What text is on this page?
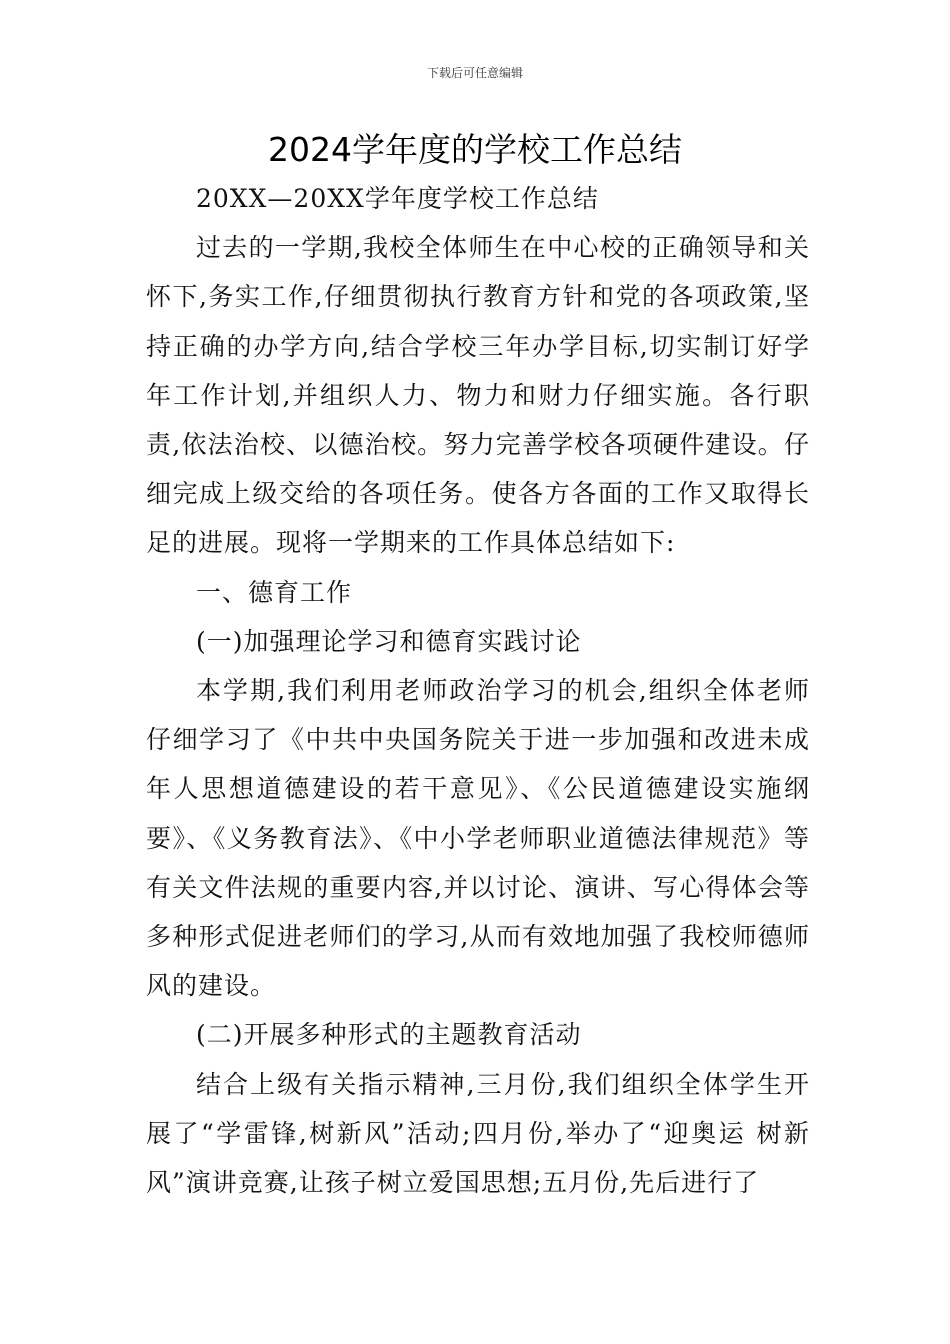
下载后可任意编辑
2024学年度的学校工作总结

20XX—20XX学年度学校工作总结

过去的一学期,我校全体师生在中心校的正确领导和关怀下,务实工作,仔细贯彻执行教育方针和党的各项政策,坚持正确的办学方向,结合学校三年办学目标,切实制订好学年工作计划,并组织人力、物力和财力仔细实施。各行职责,依法治校、以德治校。努力完善学校各项硬件建设。仔细完成上级交给的各项任务。使各方各面的工作又取得长足的进展。现将一学期来的工作具体总结如下:

一、德育工作

(一)加强理论学习和德育实践讨论

本学期,我们利用老师政治学习的机会,组织全体老师仔细学习了《中共中央国务院关于进一步加强和改进未成年人思想道德建设的若干意见》、《公民道德建设实施纲要》、《义务教育法》、《中小学老师职业道德法律规范》等有关文件法规的重要内容,并以讨论、演讲、写心得体会等多种形式促进老师们的学习,从而有效地加强了我校师德师风的建设。

(二)开展多种形式的主题教育活动

结合上级有关指示精神,三月份,我们组织全体学生开展了“学雷锋,树新风”活动;四月份,举办了“迎奥运 树新风”演讲竞赛,让孩子树立爱国思想;五月份,先后进行了
